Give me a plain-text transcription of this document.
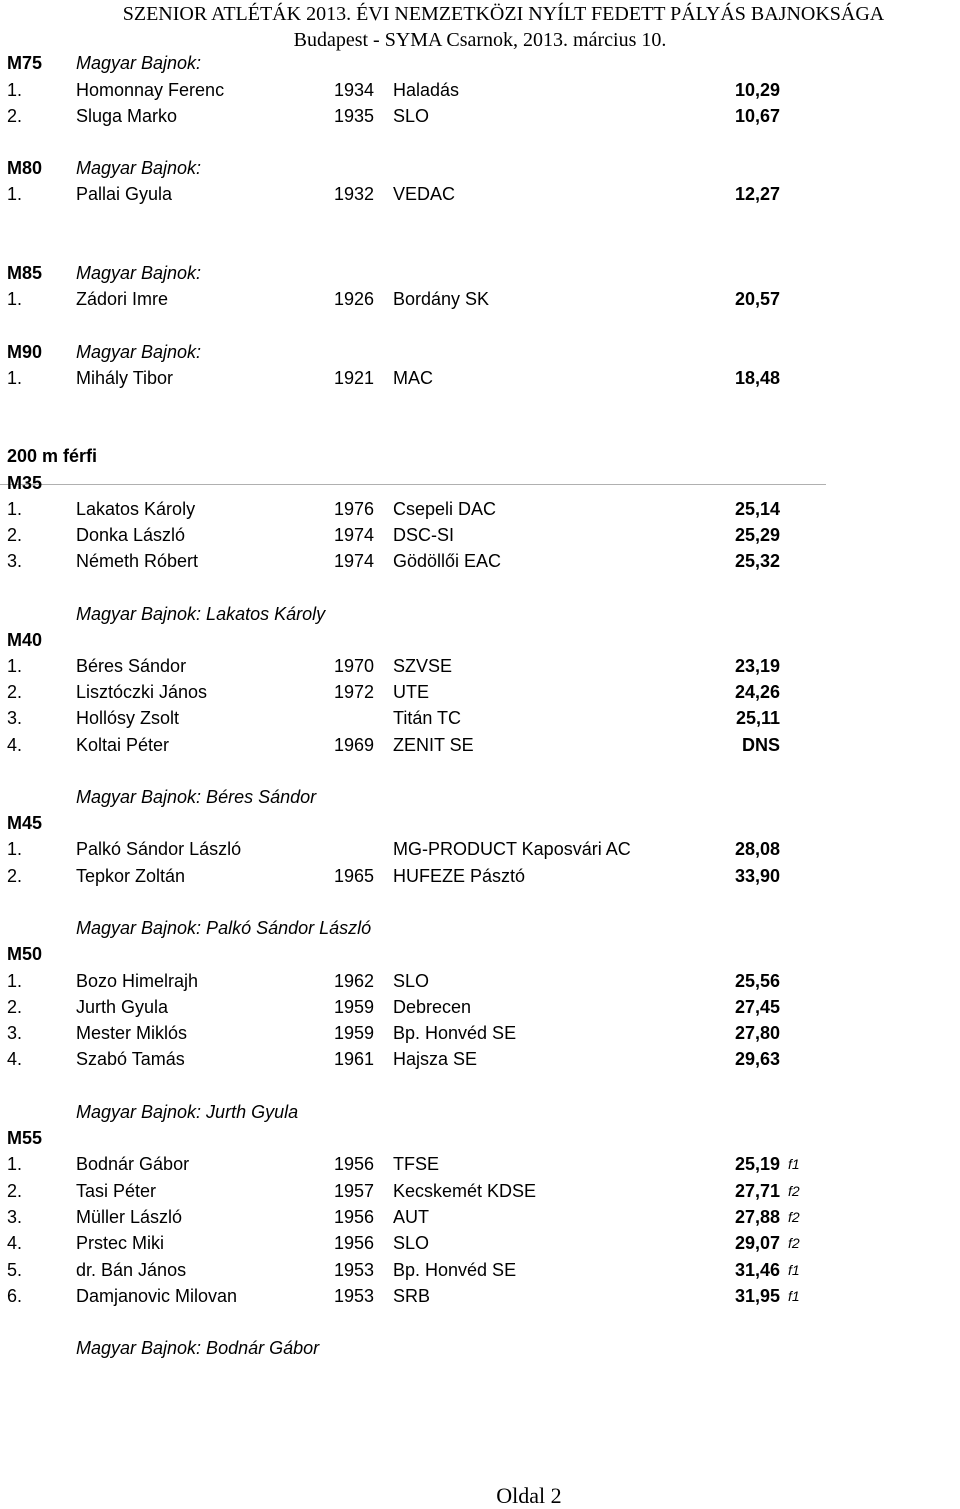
SZENIOR ATLÉTÁK 2013. ÉVI NEMZETKÖZI NYÍLT FEDETT PÁLYÁS BAJNOKSÁGA
Budapest - SYMA Csarnok, 2013. március 10.
M75 Magyar Bajnok:
1.	Homonnay Ferenc	1934 Haladás	10,29
2.	Sluga Marko	1935 SLO	10,67
M80 Magyar Bajnok:
1.	Pallai Gyula	1932 VEDAC	12,27
M85 Magyar Bajnok:
1.	Zádori Imre	1926 Bordány SK	20,57
M90 Magyar Bajnok:
1.	Mihály Tibor	1921 MAC	18,48
200 m férfi
M35
1.	Lakatos Károly	1976 Csepeli DAC	25,14
2.	Donka László	1974 DSC-SI	25,29
3.	Németh Róbert	1974 Gödöllői EAC	25,32
Magyar Bajnok: Lakatos Károly
M40
1.	Béres Sándor	1970 SZVSE	23,19
2.	Lisztóczki János	1972 UTE	24,26
3.	Hollósy Zsolt	Titán TC	25,11
4.	Koltai Péter	1969 ZENIT SE	DNS
Magyar Bajnok: Béres Sándor
M45
1.	Palkó Sándor László	MG-PRODUCT Kaposvári AC	28,08
2.	Tepkor Zoltán	1965 HUFEZE Pásztó	33,90
Magyar Bajnok: Palkó Sándor László
M50
1.	Bozo Himelrajh	1962 SLO	25,56
2.	Jurth Gyula	1959 Debrecen	27,45
3.	Mester Miklós	1959 Bp. Honvéd SE	27,80
4.	Szabó Tamás	1961 Hajsza SE	29,63
Magyar Bajnok: Jurth Gyula
M55
1.	Bodnár Gábor	1956 TFSE	25,19 f1
2.	Tasi Péter	1957 Kecskemét KDSE	27,71 f2
3.	Müller László	1956 AUT	27,88 f2
4.	Prstec Miki	1956 SLO	29,07 f2
5.	dr. Bán János	1953 Bp. Honvéd SE	31,46 f1
6.	Damjanovic Milovan	1953 SRB	31,95 f1
Magyar Bajnok: Bodnár Gábor
Oldal 2
